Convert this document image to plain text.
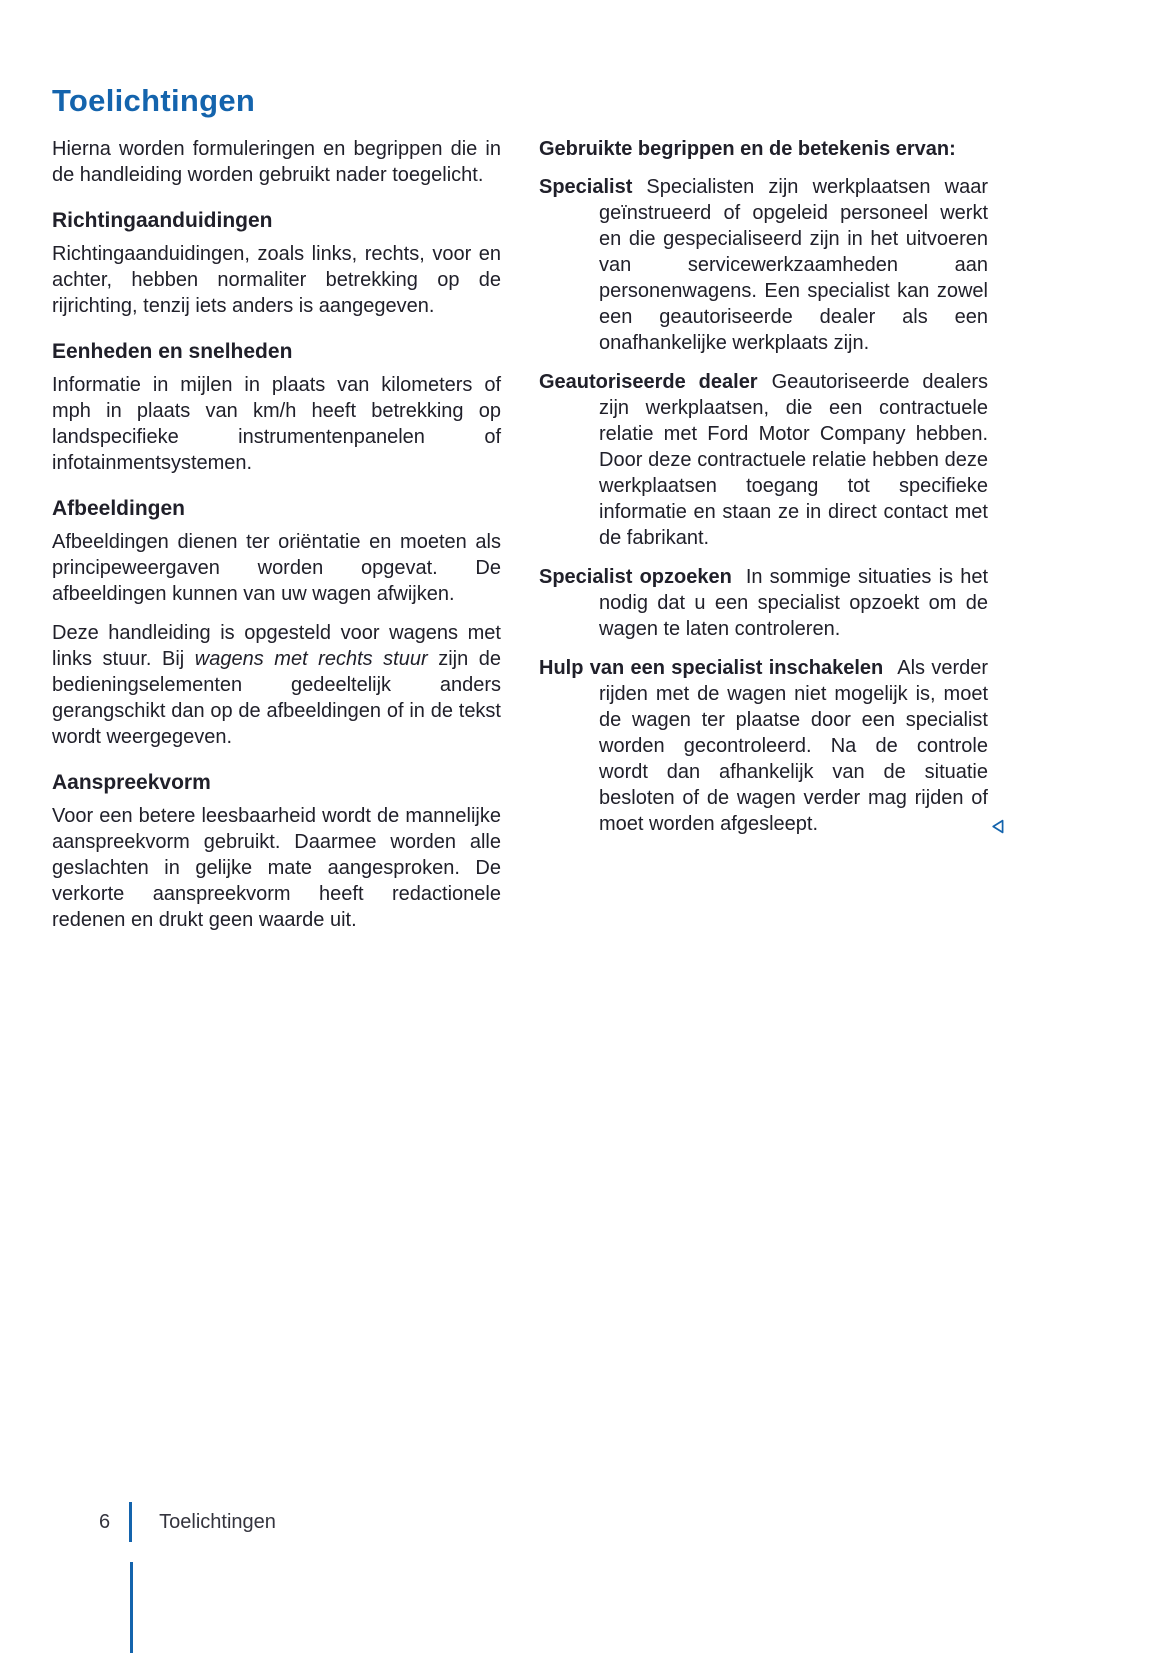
Toelichtingen

Hierna worden formuleringen en begrippen die in de handleiding worden gebruikt nader toegelicht.

Richtingaanduidingen

Richtingaanduidingen, zoals links, rechts, voor en achter, hebben normaliter betrekking op de rijrichting, tenzij iets anders is aangegeven.

Eenheden en snelheden

Informatie in mijlen in plaats van kilometers of mph in plaats van km/h heeft betrekking op landspecifieke instrumentenpanelen of infotainmentsystemen.

Afbeeldingen

Afbeeldingen dienen ter oriëntatie en moeten als principeweergaven worden opgevat. De afbeeldingen kunnen van uw wagen afwijken.

Deze handleiding is opgesteld voor wagens met links stuur. Bij wagens met rechts stuur zijn de bedieningselementen gedeeltelijk anders gerangschikt dan op de afbeeldingen of in de tekst wordt weergegeven.

Aanspreekvorm

Voor een betere leesbaarheid wordt de mannelijke aanspreekvorm gebruikt. Daarmee worden alle geslachten in gelijke mate aangesproken. De verkorte aanspreekvorm heeft redactionele redenen en drukt geen waarde uit.

Gebruikte begrippen en de betekenis ervan:

Specialist Specialisten zijn werkplaatsen waar geïnstrueerd of opgeleid personeel werkt en die gespecialiseerd zijn in het uitvoeren van servicewerkzaamheden aan personenwagens. Een specialist kan zowel een geautoriseerde dealer als een onafhankelijke werkplaats zijn.

Geautoriseerde dealer Geautoriseerde dealers zijn werkplaatsen, die een contractuele relatie met Ford Motor Company hebben. Door deze contractuele relatie hebben deze werkplaatsen toegang tot specifieke informatie en staan ze in direct contact met de fabrikant.

Specialist opzoeken In sommige situaties is het nodig dat u een specialist opzoekt om de wagen te laten controleren.

Hulp van een specialist inschakelen Als verder rijden met de wagen niet mogelijk is, moet de wagen ter plaatse door een specialist worden gecontroleerd. Na de controle wordt dan afhankelijk van de situatie besloten of de wagen verder mag rijden of moet worden afgesleept.

6 Toelichtingen
